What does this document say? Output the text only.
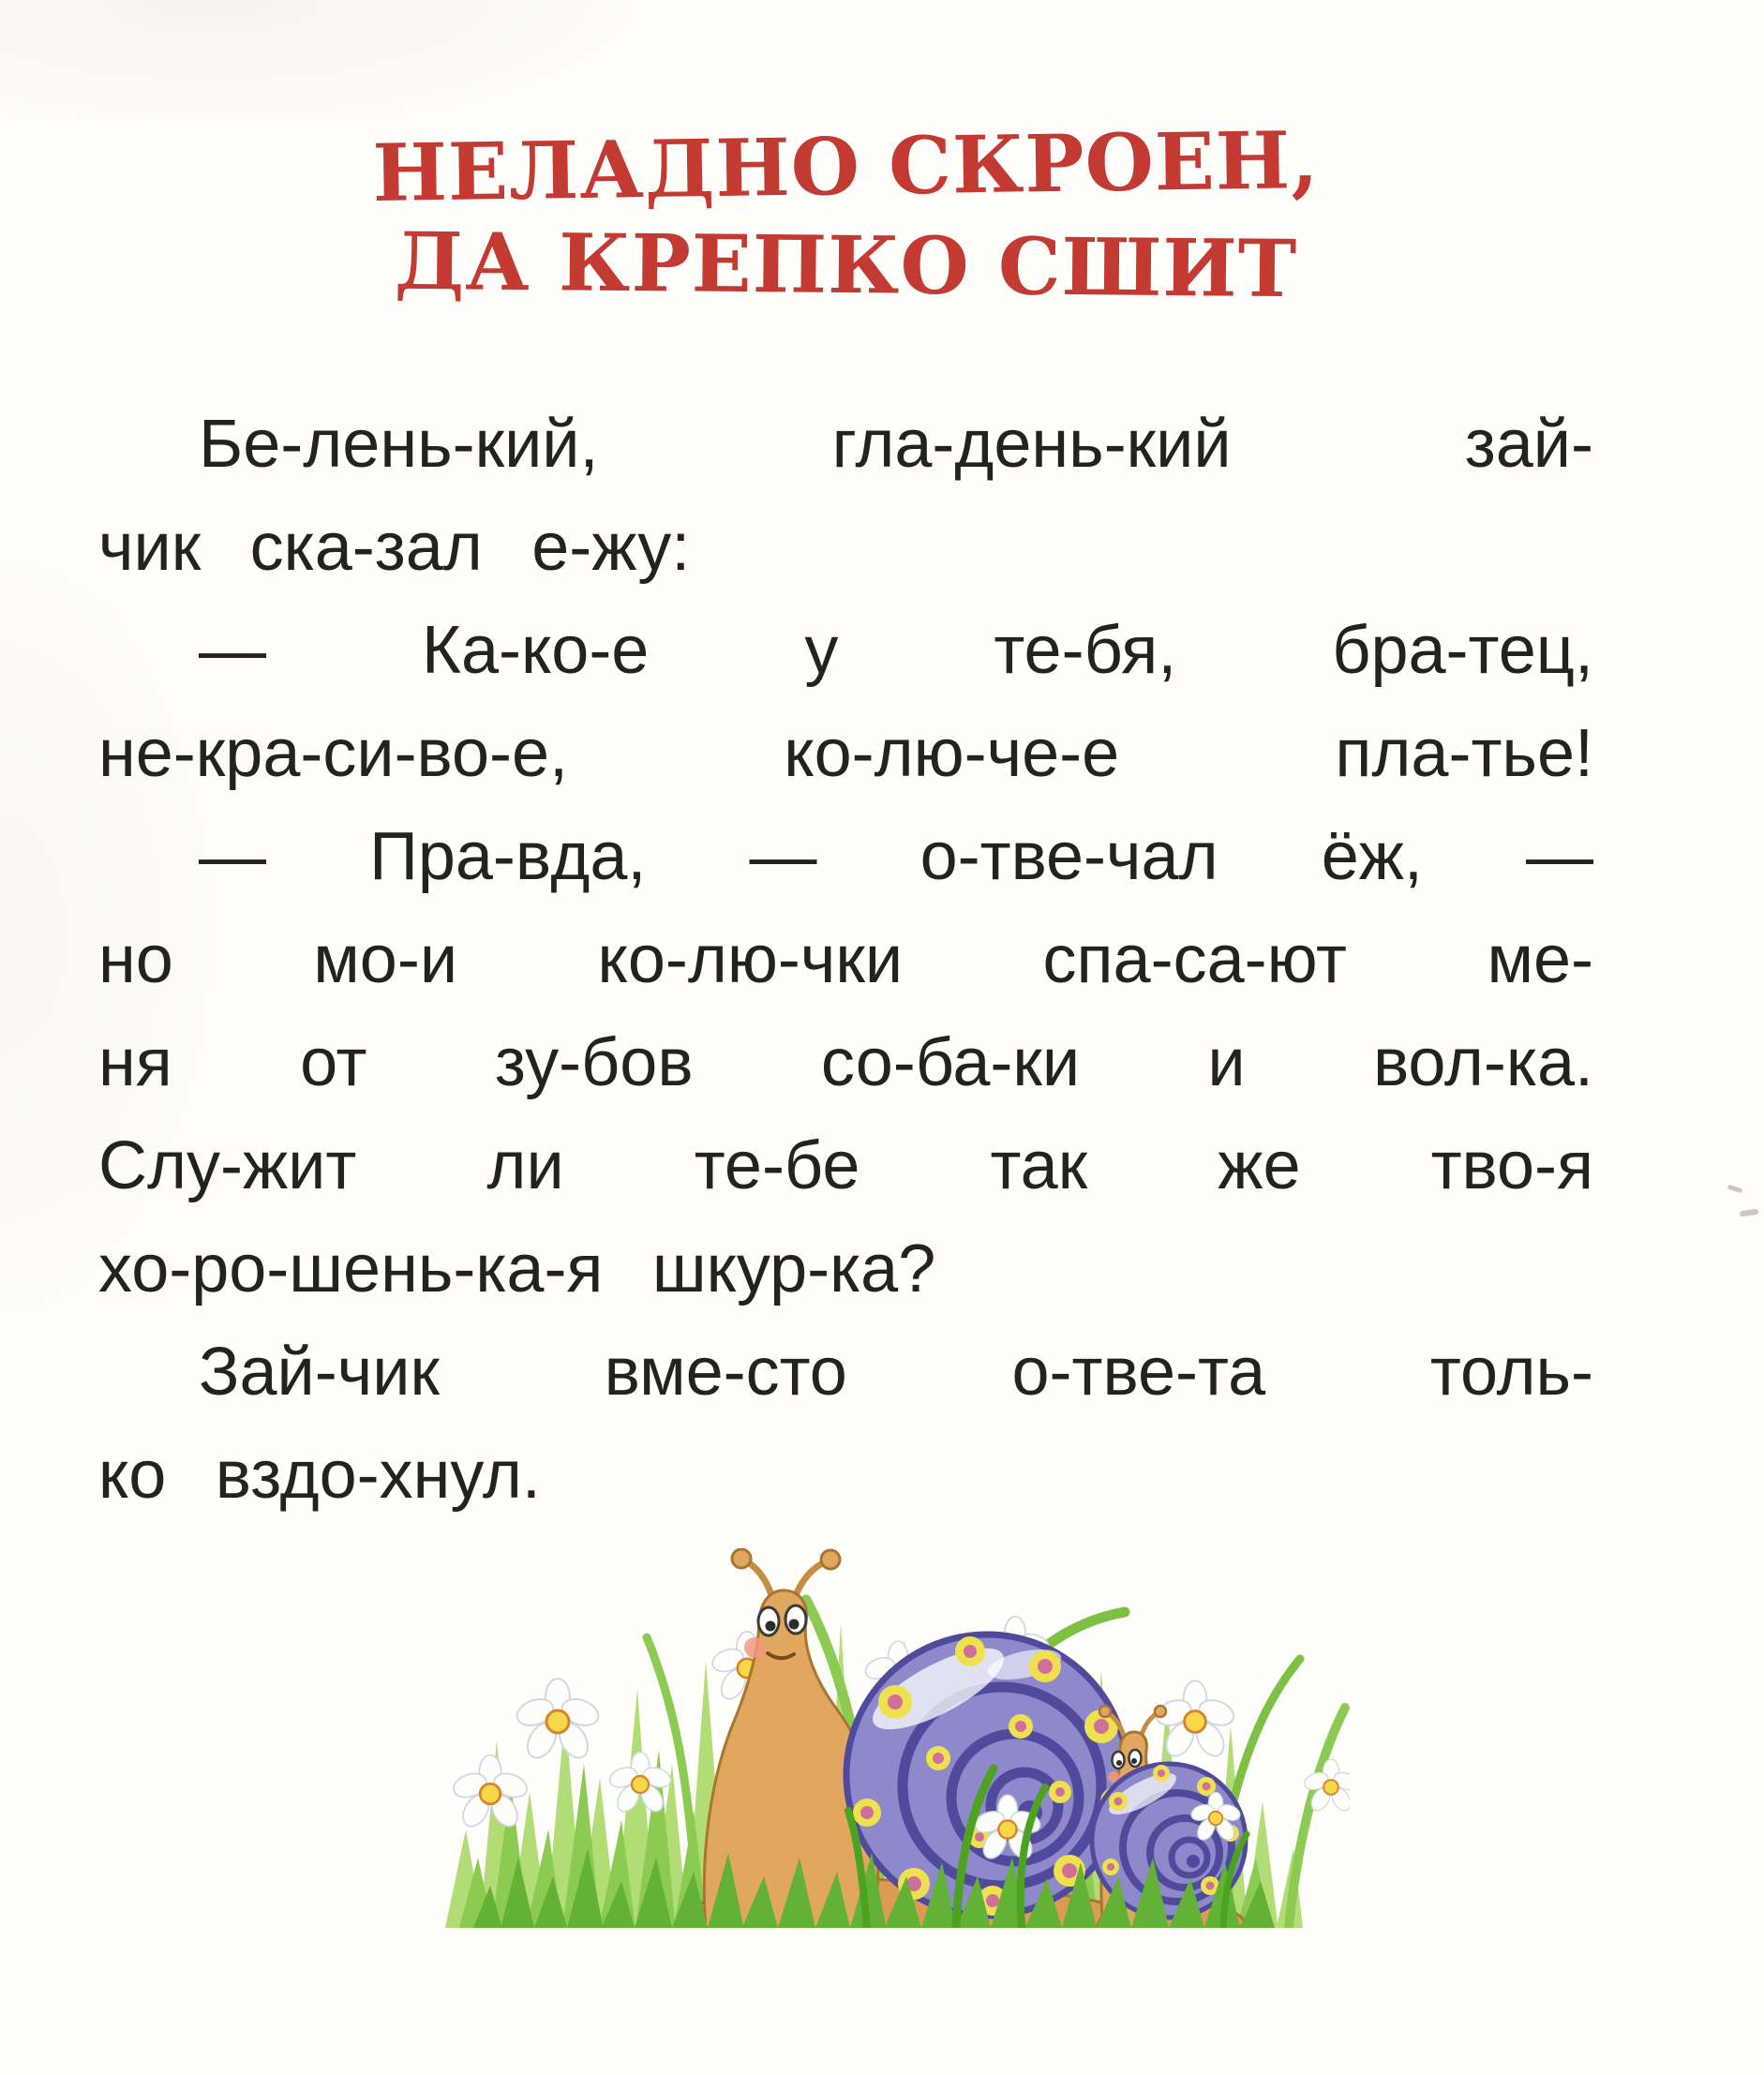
НЕЛАДНО СКРОЕН,
ДА КРЕПКО СШИТ
Бе-лень-кий, гла-день-кий зай-
чик ска-зал е-жу:
— Ка-ко-е у те-бя, бра-тец,
не-кра-си-во-е, ко-лю-че-е пла-тье!
— Пра-вда, — о-тве-чал ёж, —
но мо-и ко-лю-чки спа-са-ют ме-
ня от зу-бов со-ба-ки и вол-ка.
Слу-жит ли те-бе так же тво-я
хо-ро-шень-ка-я шкур-ка?
Зай-чик вме-сто о-тве-та толь-
ко вздо-хнул.
